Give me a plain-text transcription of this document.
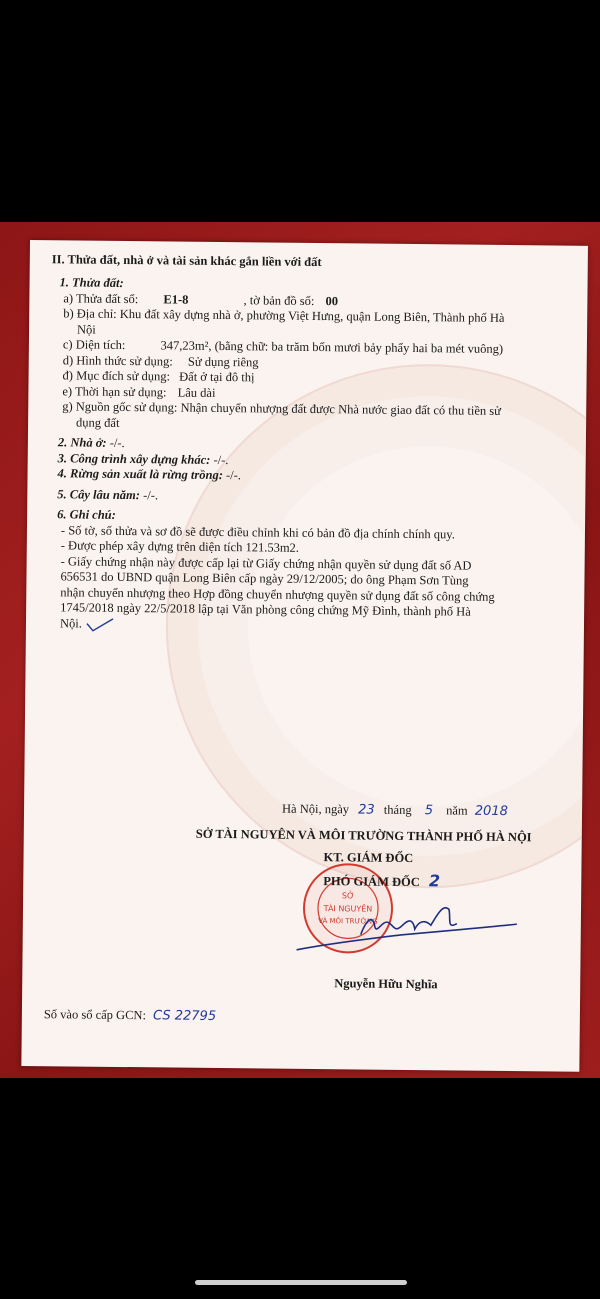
II. Thửa đất, nhà ở và tài sản khác gắn liền với đất

1. Thửa đất:

a) Thửa đất số: E1-8	, tờ bản đồ số: 00

b) Địa chỉ: Khu đất xây dựng nhà ở, phường Việt Hưng, quận Long Biên, Thành phố Hà

Nội

c) Diện tích:	347,23m², (bằng chữ: ba trăm bốn mươi bảy phẩy hai ba mét vuông)

d) Hình thức sử dụng: Sử dụng riêng

đ) Mục đích sử dụng: Đất ở tại đô thị

e) Thời hạn sử dụng: Lâu dài

g) Nguồn gốc sử dụng: Nhận chuyển nhượng đất được Nhà nước giao đất có thu tiền sử

dụng đất

2. Nhà ở: -/-.

3. Công trình xây dựng khác: -/-.

4. Rừng sản xuất là rừng trồng: -/-.

5. Cây lâu năm: -/-.

6. Ghi chú:

- Số tờ, số thửa và sơ đồ sẽ được điều chỉnh khi có bản đồ địa chính chính quy.

- Được phép xây dựng trên diện tích 121.53m2.

- Giấy chứng nhận này được cấp lại từ Giấy chứng nhận quyền sử dụng đất số AD

656531 do UBND quận Long Biên cấp ngày 29/12/2005; do ông Phạm Sơn Tùng

nhận chuyển nhượng theo Hợp đồng chuyển nhượng quyền sử dụng đất số công chứng

1745/2018 ngày 22/5/2018 lập tại Văn phòng công chứng Mỹ Đình, thành phố Hà

Nội.

Hà Nội, ngày 23 tháng 5 năm 2018
SỞ TÀI NGUYÊN VÀ MÔI TRƯỜNG THÀNH PHỐ HÀ NỘI
SỞ
TÀI NGUYÊN
VÀ MÔI TRƯỜNG
KT. GIÁM ĐỐC
PHÓ GIÁM ĐỐC 2
Nguyễn Hữu Nghĩa
Số vào sổ cấp GCN: CS 22795
